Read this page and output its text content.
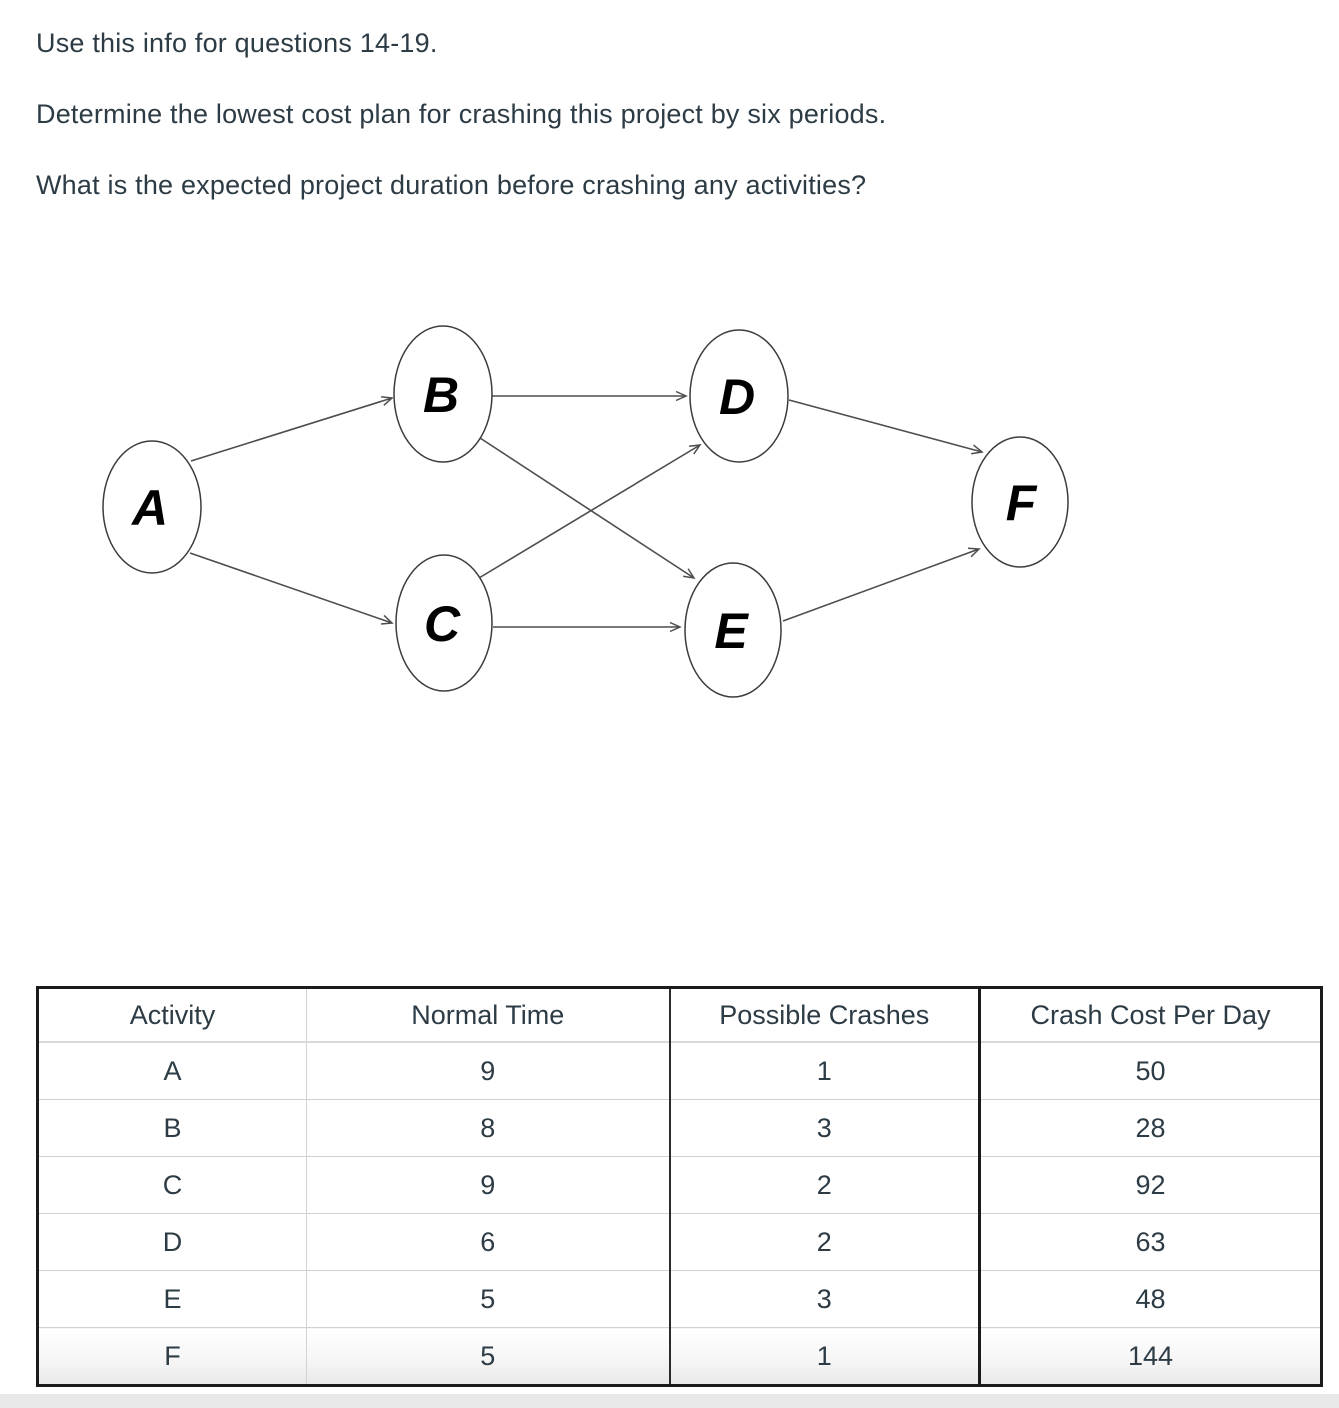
Use this info for questions 14-19.

Determine the lowest cost plan for crashing this project by six periods.

What is the expected project duration before crashing any activities?

A
B
C
D
E
F
Activity	Normal Time	Possible Crashes	Crash Cost Per Day
A	9	1	50
B	8	3	28
C	9	2	92
D	6	2	63
E	5	3	48
F	5	1	144
